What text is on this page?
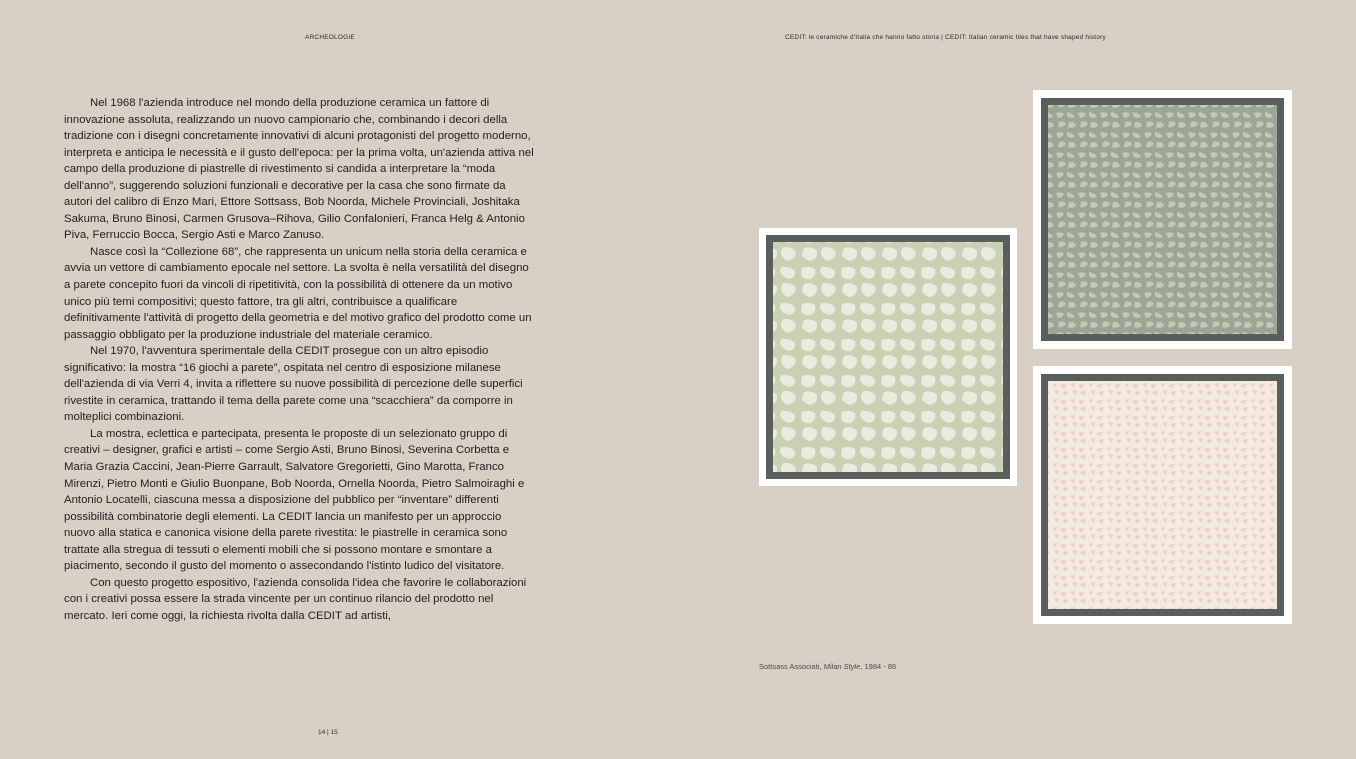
ARCHEOLOGIE	CEDIT: le ceramiche d'Italia che hanno fatto storia | CEDIT: Italian ceramic tiles that have shaped history

Nel 1968 l'azienda introduce nel mondo della produzione ceramica un fattore di innovazione assoluta, realizzando un nuovo campionario che, combinando i decori della tradizione con i disegni concretamente innovativi di alcuni protagonisti del progetto moderno, interpreta e anticipa le necessità e il gusto dell'epoca: per la prima volta, un'azienda attiva nel campo della produzione di piastrelle di rivestimento si candida a interpretare la “moda dell'anno”, suggerendo soluzioni funzionali e decorative per la casa che sono firmate da autori del calibro di Enzo Mari, Ettore Sottsass, Bob Noorda, Michele Provinciali, Joshitaka Sakuma, Bruno Binosi, Carmen Grusova–Rihova, Gilio Confalonieri, Franca Helg & Antonio Piva, Ferruccio Bocca, Sergio Asti e Marco Zanuso.

Nasce così la “Collezione 68”, che rappresenta un unicum nella storia della ceramica e avvia un vettore di cambiamento epocale nel settore. La svolta è nella versatilità del disegno a parete concepito fuori da vincoli di ripetitività, con la possibilità di ottenere da un motivo unico più temi compositivi; questo fattore, tra gli altri, contribuisce a qualificare definitivamente l'attività di progetto della geometria e del motivo grafico del prodotto come un passaggio obbligato per la produzione industriale del materiale ceramico.

Nel 1970, l'avventura sperimentale della CEDIT prosegue con un altro episodio significativo: la mostra “16 giochi a parete”, ospitata nel centro di esposizione milanese dell'azienda di via Verri 4, invita a riflettere su nuove possibilità di percezione delle superfici rivestite in ceramica, trattando il tema della parete come una “scacchiera” da comporre in molteplici combinazioni.

La mostra, eclettica e partecipata, presenta le proposte di un selezionato gruppo di creativi – designer, grafici e artisti – come Sergio Asti, Bruno Binosi, Severina Corbetta e Maria Grazia Caccini, Jean-Pierre Garrault, Salvatore Gregorietti, Gino Marotta, Franco Mirenzi, Pietro Monti e Giulio Buonpane, Bob Noorda, Ornella Noorda, Pietro Salmoiraghi e Antonio Locatelli, ciascuna messa a disposizione del pubblico per “inventare” differenti possibilità combinatorie degli elementi. La CEDIT lancia un manifesto per un approccio nuovo alla statica e canonica visione della parete rivestita: le piastrelle in ceramica sono trattate alla stregua di tessuti o elementi mobili che si possono montare e smontare a piacimento, secondo il gusto del momento o assecondando l'istinto ludico del visitatore.

Con questo progetto espositivo, l'azienda consolida l'idea che favorire le collaborazioni con i creativi possa essere la strada vincente per un continuo rilancio del prodotto nel mercato. Ieri come oggi, la richiesta rivolta dalla CEDIT ad artisti,

14 | 15
Sottsass Associati, Milan Style, 1984 - 86
